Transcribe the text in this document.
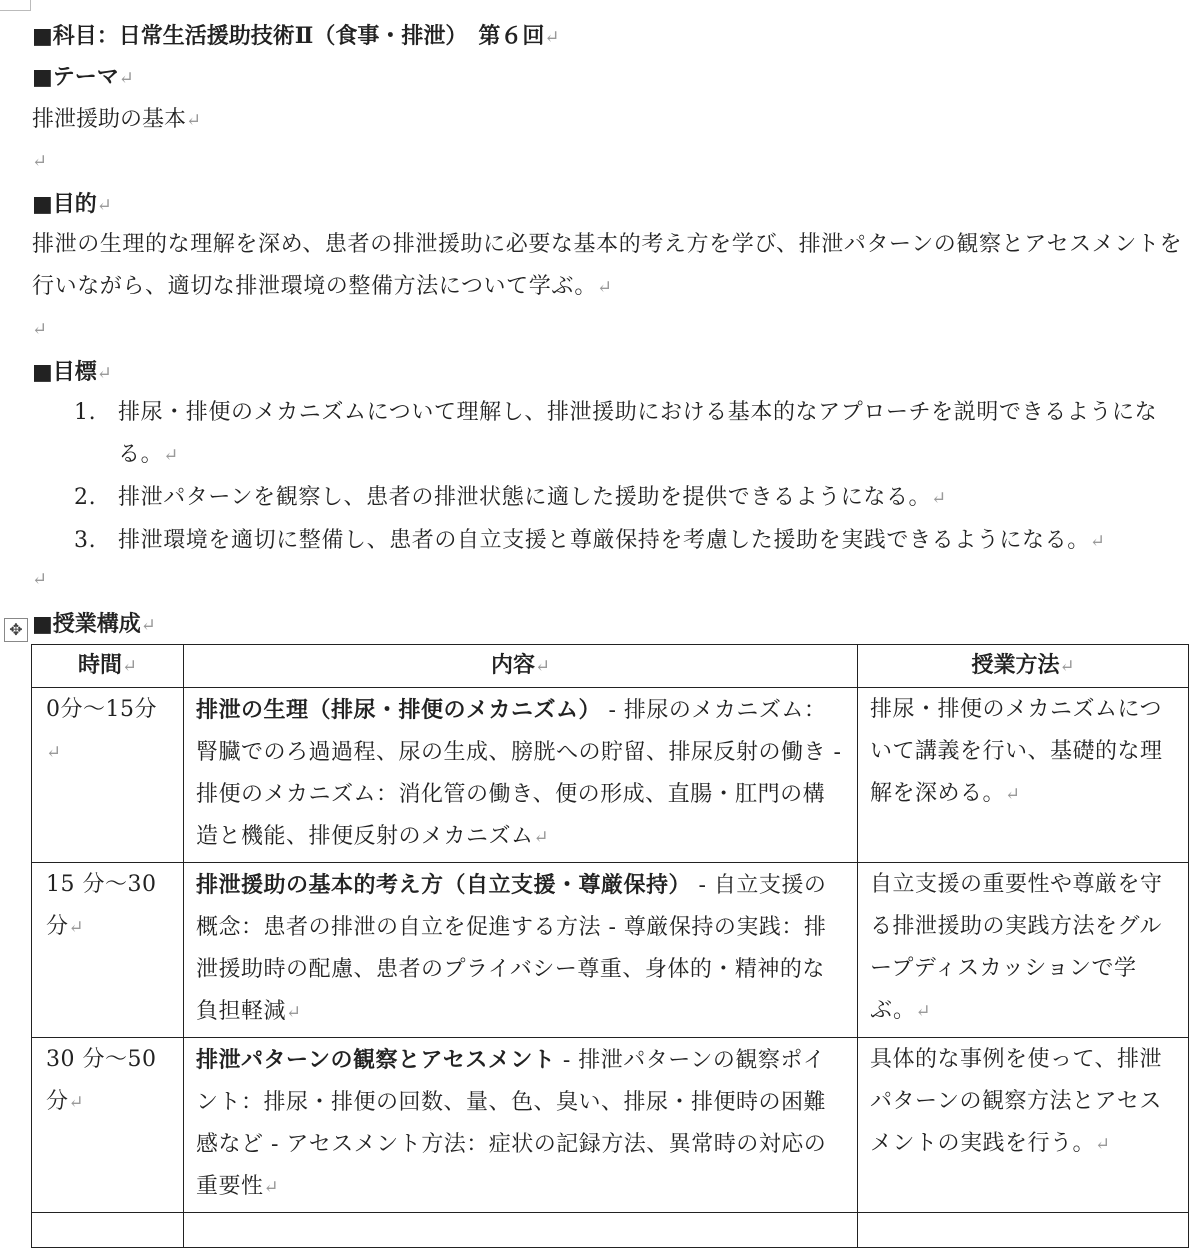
■科目：日常生活援助技術Ⅱ（食事・排泄）　第６回↵
■テーマ↵
排泄援助の基本↵
↵
■目的↵
排泄の生理的な理解を深め、患者の排泄援助に必要な基本的考え方を学び、排泄パターンの観察とアセスメントを行いながら、適切な排泄環境の整備方法について学ぶ。↵
↵
■目標↵
1. 排尿・排便のメカニズムについて理解し、排泄援助における基本的なアプローチを説明できるようになる。↵
2. 排泄パターンを観察し、患者の排泄状態に適した援助を提供できるようになる。↵
3. 排泄環境を適切に整備し、患者の自立支援と尊厳保持を考慮した援助を実践できるようになる。↵
↵
✥ ■授業構成↵
時間↵	内容↵	授業方法↵
0分～15分↵	排泄の生理（排尿・排便のメカニズム） - 排尿のメカニズム：腎臓でのろ過過程、尿の生成、膀胱への貯留、排尿反射の働き - 排便のメカニズム：消化管の働き、便の形成、直腸・肛門の構造と機能、排便反射のメカニズム↵	排尿・排便のメカニズムについて講義を行い、基礎的な理解を深める。↵
15 分～30分↵	排泄援助の基本的考え方（自立支援・尊厳保持） - 自立支援の概念：患者の排泄の自立を促進する方法 - 尊厳保持の実践：排泄援助時の配慮、患者のプライバシー尊重、身体的・精神的な負担軽減↵	自立支援の重要性や尊厳を守る排泄援助の実践方法をグループディスカッションで学ぶ。↵
30 分～50分↵	排泄パターンの観察とアセスメント - 排泄パターンの観察ポイント：排尿・排便の回数、量、色、臭い、排尿・排便時の困難感など - アセスメント方法：症状の記録方法、異常時の対応の重要性↵	具体的な事例を使って、排泄パターンの観察方法とアセスメントの実践を行う。↵
